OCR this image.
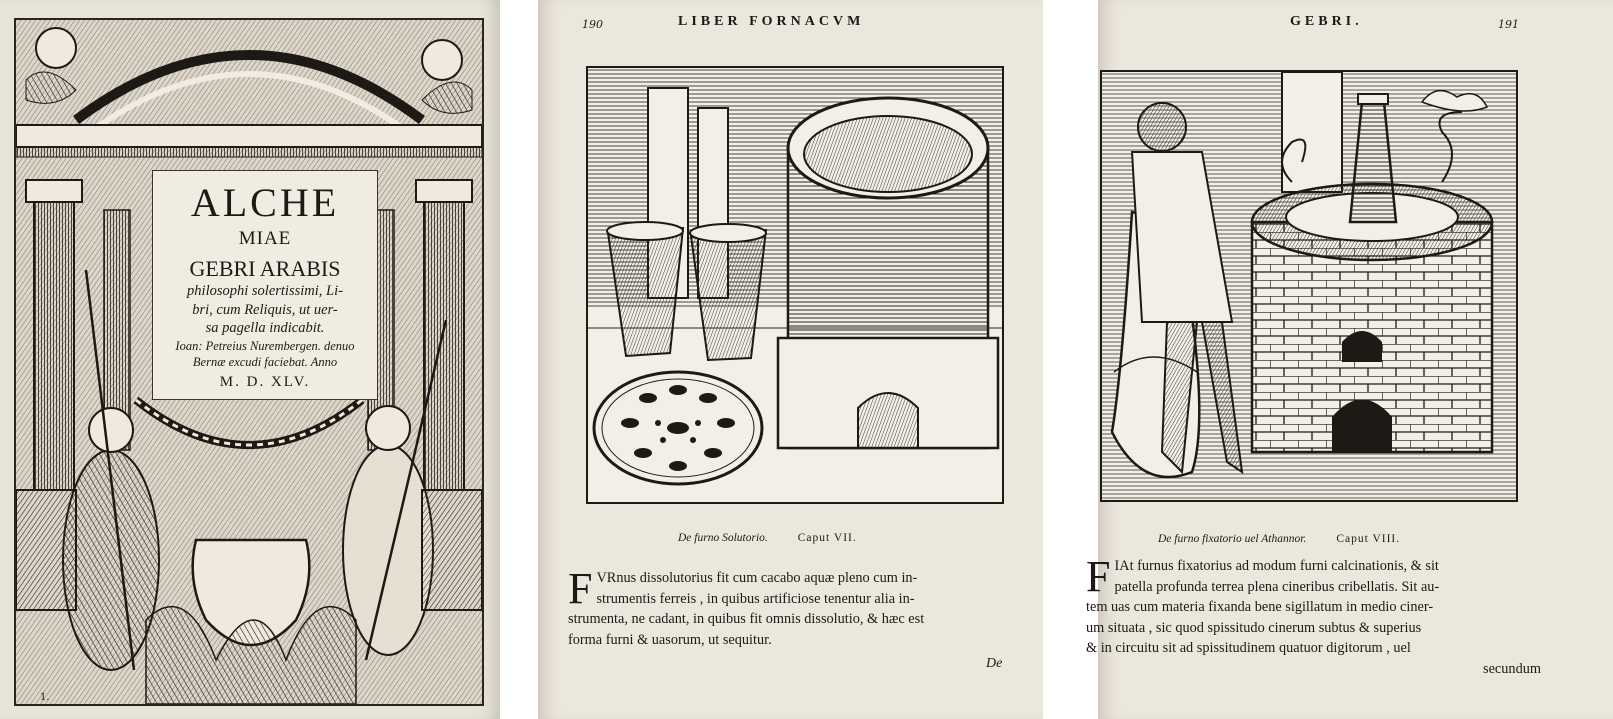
ALCHE
MIAE
GEBRI ARABIS
philosophi solertissimi, Li-
bri, cum Reliquis, ut uer-
sa pagella indicabit.
Ioan: Petreius Nurembergen. denuo
Bernæ excudi faciebat. Anno
M. D. XLV.
1.
190	LIBER FORNACVM
De furno Solutorio.	Caput VII.
F VRnus dissolutorius fit cum cacabo aquæ pleno cum in-
strumentis ferreis , in quibus artificiose tenentur alia in-
strumenta, ne cadant, in quibus fit omnis dissolutio, & hæc est
forma furni & uasorum, ut sequitur.
De
GEBRI.	191
De furno fixatorio uel Athannor.	Caput VIII.
F IAt furnus fixatorius ad modum furni calcinationis, & sit
patella profunda terrea plena cineribus cribellatis. Sit au-
tem uas cum materia fixanda bene sigillatum in medio ciner-
um situata , sic quod spissitudo cinerum subtus & superius
& in circuitu sit ad spissitudinem quatuor digitorum , uel
secundum
